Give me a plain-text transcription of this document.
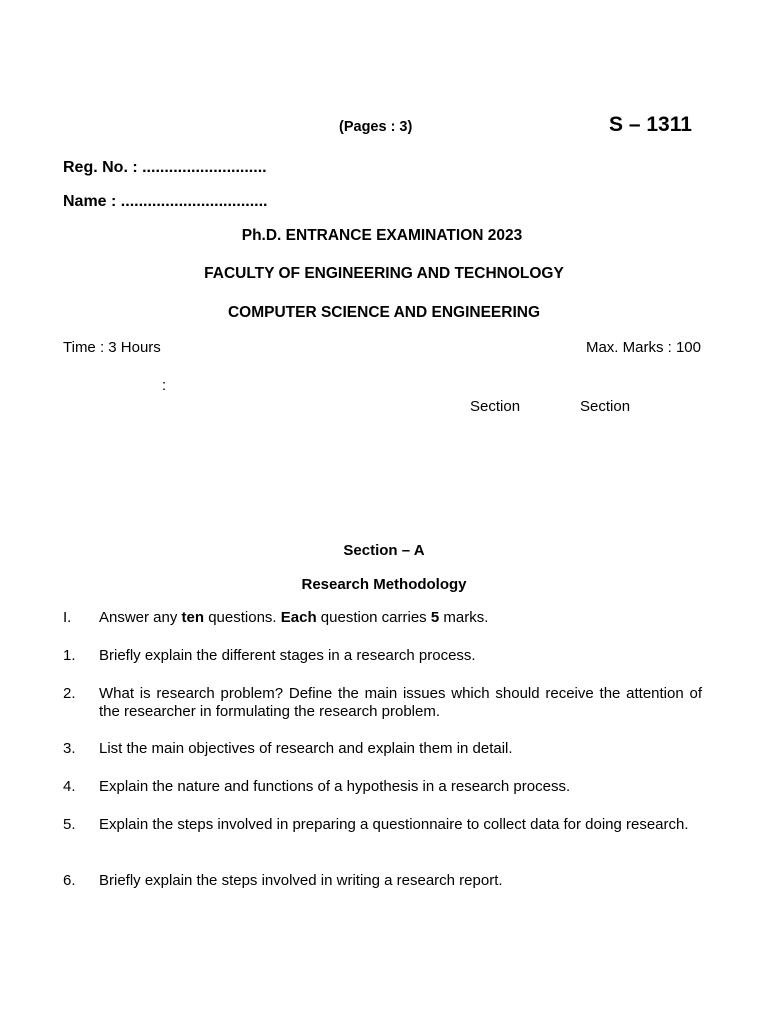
(Pages : 3)	S – 1311
Reg. No. : ............................
Name : .................................
Ph.D. ENTRANCE EXAMINATION 2023
FACULTY OF ENGINEERING AND TECHNOLOGY
COMPUTER SCIENCE AND ENGINEERING
Time : 3 Hours	Max. Marks : 100
:
Section	Section
Section – A
Research Methodology
I. Answer any ten questions. Each question carries 5 marks.
1. Briefly explain the different stages in a research process.
2. What is research problem? Define the main issues which should receive the attention of the researcher in formulating the research problem.
3. List the main objectives of research and explain them in detail.
4. Explain the nature and functions of a hypothesis in a research process.
5. Explain the steps involved in preparing a questionnaire to collect data for doing research.
6. Briefly explain the steps involved in writing a research report.
